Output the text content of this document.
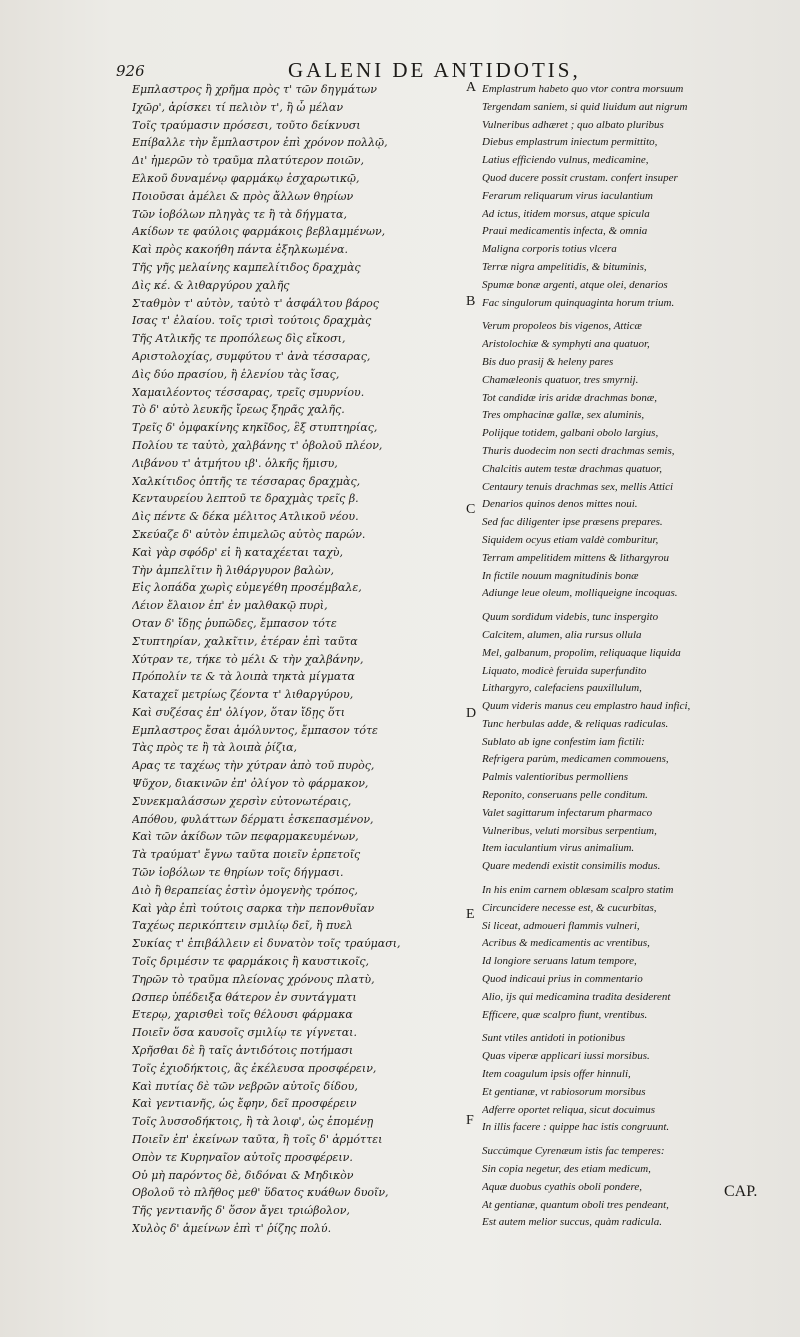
926	GALENI DE ANTIDOTIS,
Εμπλαστρος ἢ χρῆμα πρὸς τ' τῶν δηγμάτων
Ιχῶρ', ἀρίσκει τί πελιὸν τ', ἢ ὦ μέλαν
Τοῖς τραύμασιν πρόσεσι, τοῦτο δείκνυσι
Επίβαλλε τὴν ἔμπλαστρον ἐπὶ χρόνον πολλῷ,
Δι' ἡμερῶν τὸ τραῦμα πλατύτερον ποιῶν,
Ελκοῦ δυναμένῳ φαρμάκῳ ἐσχαρωτικῷ,
Ποιοῦσαι ἀμέλει & πρὸς ἄλλων θηρίων
Τῶν ἰοβόλων πληγὰς τε ἢ τὰ δήγματα,
Ακίδων τε φαύλοις φαρμάκοις βεβλαμμένων,
Καὶ πρὸς κακοήθη πάντα ἐξηλκωμένα.
Τῆς γῆς μελαίνης καμπελίτιδος δραχμὰς
Δὶς κέ. & λιθαργύρου χαλῆς
Σταθμὸν τ' αὐτὸν, ταὐτὸ τ' ἀσφάλτου βάρος
Ισας τ' ἐλαίου. τοῖς τρισὶ τούτοις δραχμὰς
Τῆς Ατλικῆς τε προπόλεως δὶς εἴκοσι,
Αριστολοχίας, συμφύτου τ' ἀνὰ τέσσαρας,
Δὶς δύο πρασίου, ἢ ἑλενίου τὰς ἴσας,
Χαμαιλέοντος τέσσαρας, τρεῖς σμυρνίου.
Τὸ δ' αὐτὸ λευκῆς ἴρεως ξηρᾶς χαλῆς.
Τρεῖς δ' ὀμφακίνης κηκῖδος, ἓξ στυπτηρίας,
Πολίου τε ταὐτὸ, χαλβάνης τ' ὀβολοῦ πλέον,
Λιβάνου τ' ἀτμήτου ιβ'. ὁλκῆς ἥμισυ,
Χαλκίτιδος ὀπτῆς τε τέσσαρας δραχμὰς,
Κενταυρείου λεπτοῦ τε δραχμὰς τρεῖς β.
Δὶς πέντε & δέκα μέλιτος Ατλικοῦ νέου.
Σκεύαζε δ' αὐτὸν ἐπιμελῶς αὐτὸς παρών.
Καὶ γὰρ σφόδρ' εἰ ἢ καταχέεται ταχὺ,
Τὴν ἀμπελῖτιν ἢ λιθάργυρον βαλὼν,
Εἰς λοπάδα χωρὶς εὐμεγέθη προσέμβαλε,
Λέιον ἔλαιον ἐπ' ἐν μαλθακῷ πυρὶ,
Οταν δ' ἴδῃς ῥυπῶδες, ἔμπασον τότε
Στυπτηρίαν, χαλκῖτιν, ἑτέραν ἐπὶ ταῦτα
Χύτραν τε, τήκε τὸ μέλι & τὴν χαλβάνην,
Πρόπολίν τε & τὰ λοιπὰ τηκτὰ μίγματα
Καταχεῖ μετρίως ζέοντα τ' λιθαργύρου,
Καὶ συζέσας ἐπ' ὀλίγον, ὅταν ἴδῃς ὅτι
Εμπλαστρος ἔσαι ἀμόλυντος, ἔμπασον τότε
Τὰς πρὸς τε ἢ τὰ λοιπὰ ῥίζια,
Αρας τε ταχέως τὴν χύτραν ἀπὸ τοῦ πυρὸς,
Ψῦχον, διακινῶν ἐπ' ὀλίγον τὸ φάρμακον,
Συνεκμαλάσσων χερσὶν εὐτονωτέραις,
Απόθου, φυλάττων δέρματι ἐσκεπασμένον,
Καὶ τῶν ἀκίδων τῶν πεφαρμακευμένων,
Τὰ τραύματ' ἔγνω ταῦτα ποιεῖν ἐρπετοῖς
Τῶν ἰοβόλων τε θηρίων τοῖς δήγμασι.
Διὸ ἢ θεραπείας ἐστὶν ὁμογενὴς τρόπος,
Καὶ γὰρ ἐπὶ τούτοις σαρκα τὴν πεπονθυῖαν
Ταχέως περικόπτειν σμιλίῳ δεῖ, ἢ πυελ
Συκίας τ' ἐπιβάλλειν εἰ δυνατὸν τοῖς τραύμασι,
Τοῖς δριμέσιν τε φαρμάκοις ἢ καυστικοῖς,
Τηρῶν τὸ τραῦμα πλείονας χρόνους πλατὺ,
Ωσπερ ὑπέδειξα θάτερον ἐν συντάγματι
Ετερῳ, χαρισθεὶ τοῖς θέλουσι φάρμακα
Ποιεῖν ὅσα καυσοῖς σμιλίῳ τε γίγνεται.
Χρῆσθαι δὲ ἢ ταῖς ἀντιδότοις ποτήμασι
Τοῖς ἐχιοδήκτοις, ἃς ἐκέλευσα προσφέρειν,
Καὶ πυτίας δὲ τῶν νεβρῶν αὐτοῖς δίδου,
Καὶ γεντιανῆς, ὡς ἔφην, δεῖ προσφέρειν
Τοῖς λυσσοδήκτοις, ἢ τὰ λοιφ', ὡς ἑπομένῃ
Ποιεῖν ἐπ' ἐκείνων ταῦτα, ἢ τοῖς δ' ἁρμόττει
Οπὸν τε Κυρηναῖον αὐτοῖς προσφέρειν.
Οὐ μὴ παρόντος δὲ, διδόναι & Μηδικὸν
Οβολοῦ τὸ πλῆθος μεθ' ὕδατος κυάθων δυοῖν,
Τῆς γεντιανῆς δ' ὅσον ἄγει τριώβολον,
Χυλὸς δ' ἀμείνων ἐπὶ τ' ῥίζης πολύ.
Emplastrum habeto quo vtor contra morsuum
Tergendam saniem, si quid liuidum aut nigrum
Vulneribus adhæret ; quo albato pluribus
Diebus emplastrum iniectum permittito,
Latius efficiendo vulnus, medicamine,
Quod ducere possit crustam. confert insuper
Ferarum reliquarum virus iaculantium
Ad ictus, itidem morsus, atque spicula
Praui medicamentis infecta, & omnia
Maligna corporis totius vlcera
Terræ nigra ampelitidis, & bituminis,
Spumæ bonæ argenti, atque olei, denarios
Fac singulorum quinquaginta horum trium.
Verum propoleos bis vigenos, Atticæ
Aristolochiæ & symphyti ana quatuor,
Bis duo prasij & heleny pares
Chamæleonis quatuor, tres smyrnij.
Tot candidæ iris aridæ drachmas bonæ,
Tres omphacinæ gallæ, sex aluminis,
Polijque totidem, galbani obolo largius,
Thuris duodecim non secti drachmas semis,
Chalcitis autem testæ drachmas quatuor,
Centaury tenuis drachmas sex, mellis Attici
Denarios quinos denos mittes noui.
Sed fac diligenter ipse præsens prepares.
Siquidem ocyus etiam valdè comburitur,
Terram ampelitidem mittens & lithargyrou
In fictile nouum magnitudinis bonæ
Adiunge leue oleum, molliqueigne incoquas.
Quum sordidum videbis, tunc inspergito
Calcitem, alumen, alia rursus ollula
Mel, galbanum, propolim, reliquaque liquida
Liquato, modicè feruida superfundito
Lithargyro, calefaciens pauxillulum,
Quum videris manus ceu emplastro haud infici,
Tunc herbulas adde, & reliquas radiculas.
Sublato ab igne confestim iam fictili:
Refrigera parùm, medicamen commouens,
Palmis valentioribus permolliens
Reponito, conseruans pelle conditum.
Valet sagittarum infectarum pharmaco
Vulneribus, veluti morsibus serpentium,
Item iaculantium virus animalium.
Quare medendi existit consimilis modus.
In his enim carnem oblæsam scalpro statim
Circuncidere necesse est, & cucurbitas,
Si liceat, admoueri flammis vulneri,
Acribus & medicamentis ac vrentibus,
Id longiore seruans latum tempore,
Quod indicaui prius in commentario
Alio, ijs qui medicamina tradita desiderent
Efficere, quæ scalpro fiunt, vrentibus.
Sunt vtiles antidoti in potionibus
Quas viperæ applicari iussi morsibus.
Item coagulum ipsis offer hinnuli,
Et gentianæ, vt rabiosorum morsibus
Adferre oportet reliqua, sicut docuimus
In illis facere : quippe hac istis congruunt.
Succúmque Cyrenæum istis fac temperes:
Sin copia negetur, des etiam medicum,
Aquæ duobus cyathis oboli pondere,
At gentianæ, quantum oboli tres pendeant,
Est autem melior succus, quàm radicula.
A
B
C
D
E
F
CAP.
